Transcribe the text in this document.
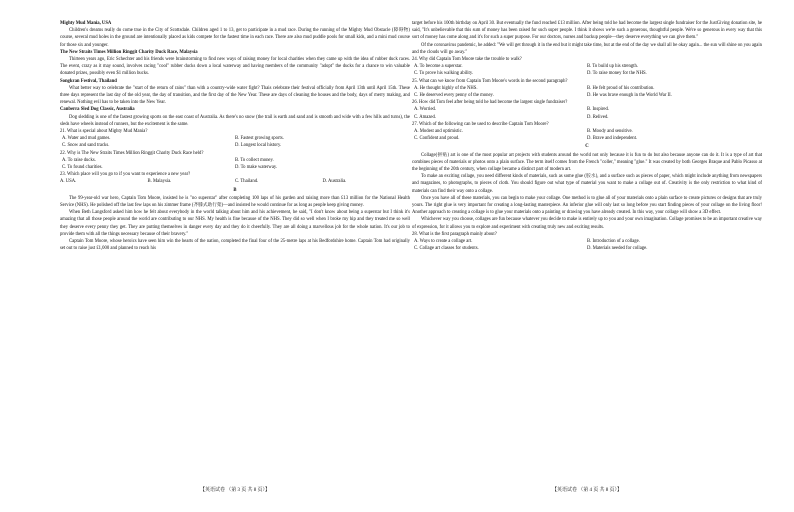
Mighty Mud Mania, USA
Children's dreams really do come true in the City of Scottsdale. Children aged 1 to 13, get to participate in a mud race. During the running of the Mighty Mud Obstacle (障碍物) course, several mud holes in the ground are intentionally placed as kids compete for the fastest time in each race. There are also mud puddle pools for small kids, and a mini mud course for those six and younger.
The New Straits Times Million Ringgit Charity Duck Race, Malaysia
Thirteen years ago, Eric Schechter and his friends were brainstorming to find new ways of raising money for local charities when they came up with the idea of rubber duck races. The event, crazy as it may sound, involves racing "cool" rubber ducks down a local waterway and having members of the community "adopt" the ducks for a chance to win valuable donated prizes, possibly even $1 million bucks.
Songkran Festival, Thailand
What better way to celebrate the "start of the return of rains" than with a country-wide water fight? Thais celebrate their festival officially from April 13th until April 15th. These three days represent the last day of the old year, the day of transition, and the first day of the New Year. These are days of cleaning the houses and the body, days of merry making, and renewal. Nothing evil has to be taken into the New Year.
Canberra Sled Dog Classic, Australia
Dog sledding is one of the fastest growing sports on the east coast of Australia. As there's no snow (the trail is earth and sand and is smooth and wide with a few hills and turns), the sleds have wheels instead of runners, but the excitement is the same.
21. What is special about Mighty Mud Mania?
A. Water and mud games.	B. Fastest growing sports.
C. Snow and sand tracks.	D. Longest local history.
22. Why is The New Straits Times Million Ringgit Charity Duck Race held?
A. To raise ducks.	B. To collect money.
C. To found charities.	D. To make waterway.
23. Which place will you go to if you want to experience a new year?
A. USA.	B. Malaysia.	C. Thailand.	D. Australia.
B
The 99-year-old war hero, Captain Tom Moore, insisted he is "no superstar" after completing 100 laps of his garden and raising more than £13 million for the National Health Service (NHS). He polished off the last few laps on his zimmer frame (齐膝式助行架)—and insisted he would continue for as long as people keep giving money.
When Beth Langsford asked him how he felt about everybody in the world talking about him and his achievement, he said, "I don't know about being a superstar but I think it's amazing that all those people around the world are contributing to our NHS. My health is fine because of the NHS. They did so well when I broke my hip and they treated me so well they deserve every penny they get. They are putting themselves in danger every day and they do it cheerfully. They are all doing a marvellous job for the whole nation. It's our job to provide them with all the things necessary because of their bravery."
Captain Tom Moore, whose heroics have seen him win the hearts of the nation, completed the final four of the 25-metre laps at his Bedfordshire home. Captain Tom had originally set out to raise just £1,000 and planned to reach his
【英语试卷 （第 3 页 共 8 页）】
target before his 100th birthday on April 30. But eventually the fund reached £13 million. After being told he had become the largest single fundraiser for the JustGiving donation site, he said, "It's unbelievable that this sum of money has been raised for such super people. I think it shows we're such a generous, thoughtful people. We're so generous in every way that this sort of money has come along and it's for such a super purpose. For our doctors, nurses and backup people—they deserve everything we can give them."
Of the coronavirus pandemic, he added: "We will get through it in the end but it might take time, but at the end of the day we shall all be okay again... the sun will shine on you again and the clouds will go away."
24. Why did Captain Tom Moore take the trouble to walk?
A. To become a superstar.	B. To build up his strength.
C. To prove his walking ability.	D. To raise money for the NHS.
25. What can we know from Captain Tom Moore's words in the second paragraph?
A. He thought highly of the NHS.	B. He felt proud of his contribution.
C. He deserved every penny of the money.	D. He was brave enough in the World War II.
26. How did Tom feel after being told he had become the largest single fundraiser?
A. Worried.	B. Inspired.
C. Amazed.	D. Relived.
27. Which of the following can be used to describe Captain Tom Moore?
A. Modest and optimistic.	B. Moody and sensitive.
C. Confident and proud.	D. Brave and independent.
C
Collage(拼贴) art is one of the most popular art projects with students around the world not only because it is fun to do but also because anyone can do it. It is a type of art that combines pieces of materials or photos onto a plain surface. The term itself comes from the French "coller," meaning "glue." It was created by both Georges Braque and Pablo Picasso at the beginning of the 20th century, when collage became a distinct part of modern art.
To make an exciting collage, you need different kinds of materials, such as some glue (胶水), and a surface such as pieces of paper, which might include anything from newspapers and magazines, to photographs, to pieces of cloth. You should figure out what type of material you want to make a collage out of. Creativity is the only restriction to what kind of materials can find their way onto a collage.
Once you have all of these materials, you can begin to make your collage. One method is to glue all of your materials onto a plain surface to create pictures or designs that are truly yours. The right glue is very important for creating a long-lasting masterpiece. An inferior glue will only last so long before you start finding pieces of your collage on the living floor! Another approach to creating a collage is to glue your materials onto a painting or drawing you have already created. In this way, your collage will show a 3D effect.
Whichever way you choose, collages are fun because whatever you decide to make is entirely up to you and your own imagination. Collage promises to be an important creative way of expression, for it allows you to explore and experiment with creating truly new and exciting results.
28. What is the first paragraph mainly about?
A. Ways to create a collage art.	B. Introduction of a collage.
C. Collage art classes for students.	D. Materials needed for collage.
【英语试卷 （第 4 页 共 8 页）】
